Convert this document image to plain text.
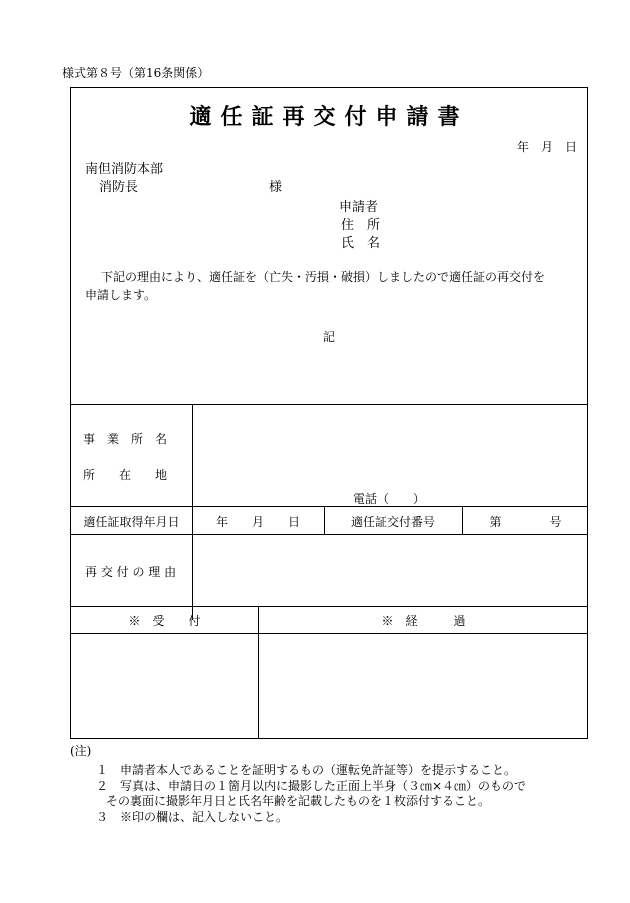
様式第８号（第16条関係）
適任証再交付申請書
年　月　日
南但消防本部
消防長	様
申請者
住　所
氏　名
下記の理由により、適任証を（亡失・汚損・破損）しましたので適任証の再交付を
申請します。
記
事　業　所　名
所　　在　　地
電話（　　）
適任証取得年月日	年　　月　　日	適任証交付番号	第　　　　号
再 交 付 の 理 由
※　受　　付	※　経　　　過
(注)
１　申請者本人であることを証明するもの（運転免許証等）を提示すること。
２　写真は、申請日の１箇月以内に撮影した正面上半身（３㎝×４㎝）のもので
その裏面に撮影年月日と氏名年齢を記載したものを１枚添付すること。
３　※印の欄は、記入しないこと。
